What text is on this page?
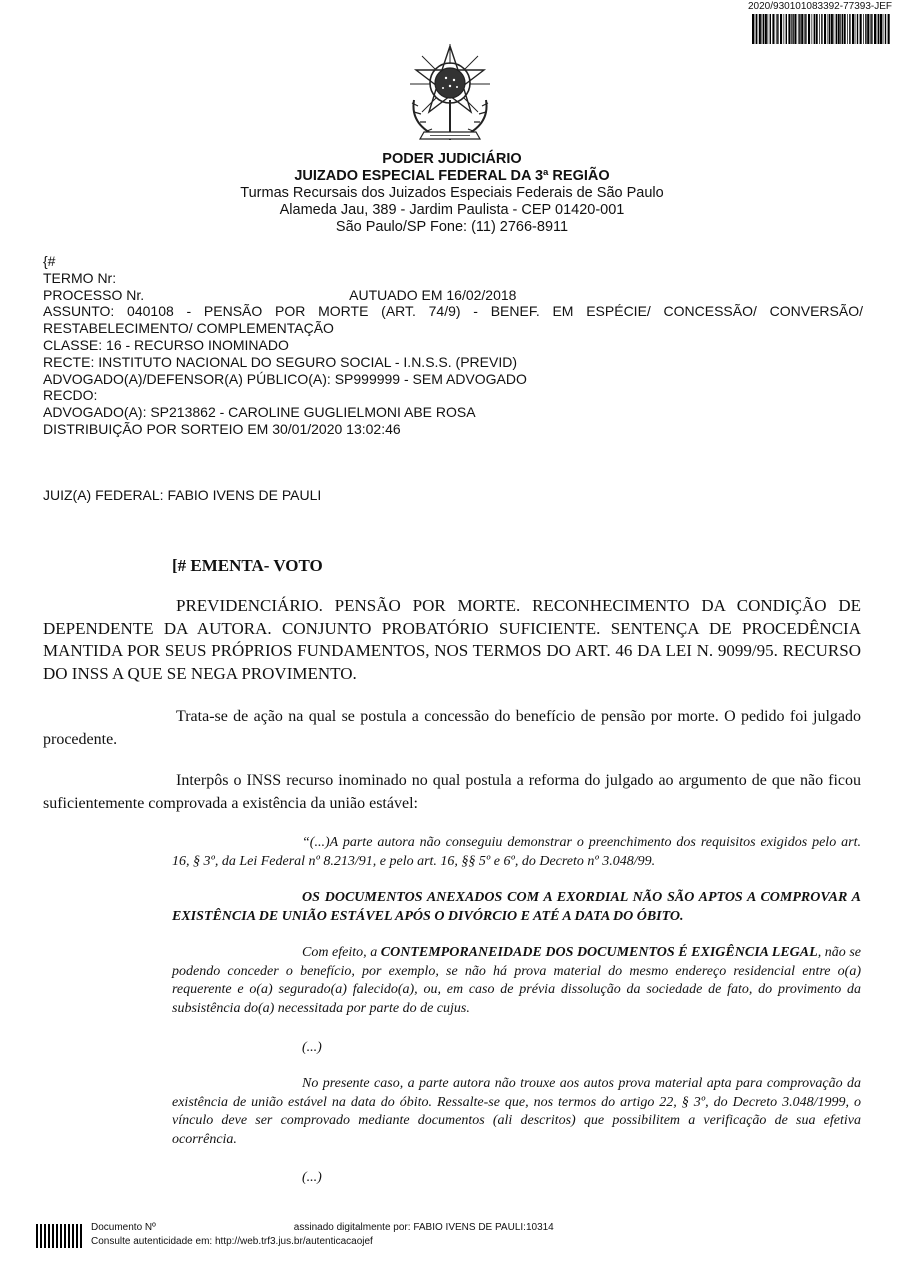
2020/930101083392-77393-JEF
PODER JUDICIÁRIO
JUIZADO ESPECIAL FEDERAL DA 3ª REGIÃO
Turmas Recursais dos Juizados Especiais Federais de São Paulo
Alameda Jau, 389 - Jardim Paulista - CEP 01420-001
São Paulo/SP Fone: (11) 2766-8911
{#
TERMO Nr:
PROCESSO Nr.	AUTUADO EM 16/02/2018
ASSUNTO: 040108 - PENSÃO POR MORTE (ART. 74/9) - BENEF. EM ESPÉCIE/ CONCESSÃO/ CONVERSÃO/ RESTABELECIMENTO/ COMPLEMENTAÇÃO
CLASSE: 16 - RECURSO INOMINADO
RECTE: INSTITUTO NACIONAL DO SEGURO SOCIAL - I.N.S.S. (PREVID)
ADVOGADO(A)/DEFENSOR(A) PÚBLICO(A): SP999999 - SEM ADVOGADO
RECDO:
ADVOGADO(A): SP213862 - CAROLINE GUGLIELMONI ABE ROSA
DISTRIBUIÇÃO POR SORTEIO EM 30/01/2020 13:02:46
JUIZ(A) FEDERAL: FABIO IVENS DE PAULI
[# EMENTA- VOTO
PREVIDENCIÁRIO. PENSÃO POR MORTE. RECONHECIMENTO DA CONDIÇÃO DE DEPENDENTE DA AUTORA. CONJUNTO PROBATÓRIO SUFICIENTE. SENTENÇA DE PROCEDÊNCIA MANTIDA POR SEUS PRÓPRIOS FUNDAMENTOS, NOS TERMOS DO ART. 46 DA LEI N. 9099/95. RECURSO DO INSS A QUE SE NEGA PROVIMENTO.
Trata-se de ação na qual se postula a concessão do benefício de pensão por morte. O pedido foi julgado procedente.
Interpôs o INSS recurso inominado no qual postula a reforma do julgado ao argumento de que não ficou suficientemente comprovada a existência da união estável:
“(...)A parte autora não conseguiu demonstrar o preenchimento dos requisitos exigidos pelo art. 16, § 3º, da Lei Federal nº 8.213/91, e pelo art. 16, §§ 5º e 6º, do Decreto nº 3.048/99.
OS DOCUMENTOS ANEXADOS COM A EXORDIAL NÃO SÃO APTOS A COMPROVAR A EXISTÊNCIA DE UNIÃO ESTÁVEL APÓS O DIVÓRCIO E ATÉ A DATA DO ÓBITO.
Com efeito, a CONTEMPORANEIDADE DOS DOCUMENTOS É EXIGÊNCIA LEGAL, não se podendo conceder o benefício, por exemplo, se não há prova material do mesmo endereço residencial entre o(a) requerente e o(a) segurado(a) falecido(a), ou, em caso de prévia dissolução da sociedade de fato, do provimento da subsistência do(a) necessitada por parte do de cujus.
(...)
No presente caso, a parte autora não trouxe aos autos prova material apta para comprovação da existência de união estável na data do óbito. Ressalte-se que, nos termos do artigo 22, § 3º, do Decreto 3.048/1999, o vínculo deve ser comprovado mediante documentos (ali descritos) que possibilitem a verificação de sua efetiva ocorrência.
(...)
Documento Nº	assinado digitalmente por: FABIO IVENS DE PAULI:10314
Consulte autenticidade em: http://web.trf3.jus.br/autenticacaojef
